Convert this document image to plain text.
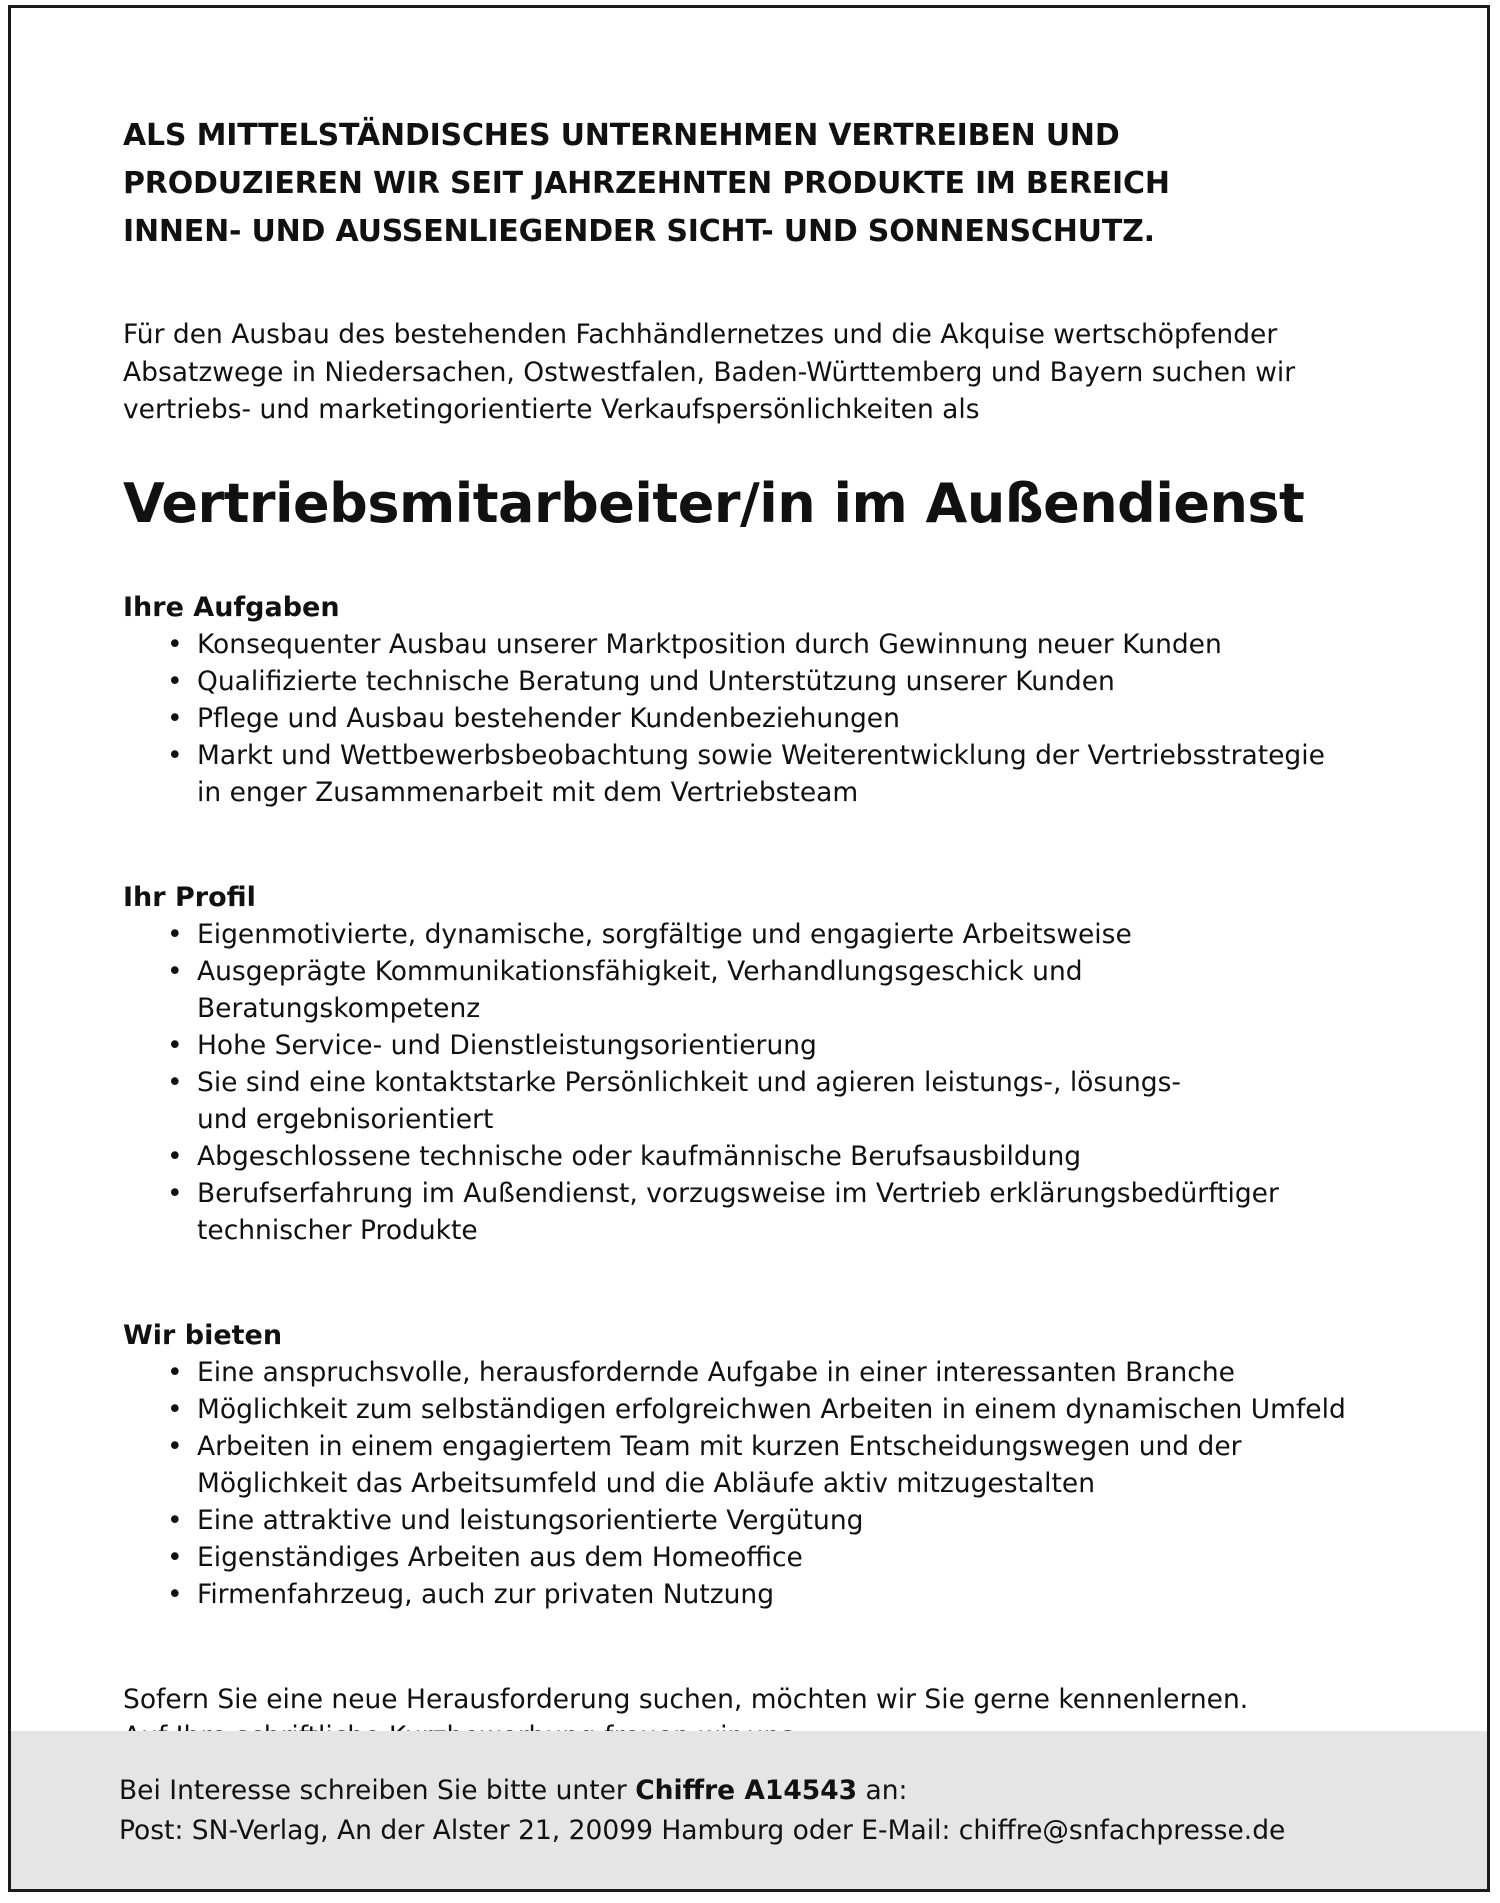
ALS MITTELSTÄNDISCHES UNTERNEHMEN VERTREIBEN UND
PRODUZIEREN WIR SEIT JAHRZEHNTEN PRODUKTE IM BEREICH
INNEN- UND AUSSENLIEGENDER SICHT- UND SONNENSCHUTZ.

Für den Ausbau des bestehenden Fachhändlernetzes und die Akquise wertschöpfender
Absatzwege in Niedersachen, Ostwestfalen, Baden-Württemberg und Bayern suchen wir
vertriebs- und marketingorientierte Verkaufspersönlichkeiten als

Vertriebsmitarbeiter/in im Außendienst
Ihre Aufgaben
• Konsequenter Ausbau unserer Marktposition durch Gewinnung neuer Kunden
• Qualifizierte technische Beratung und Unterstützung unserer Kunden
• Pflege und Ausbau bestehender Kundenbeziehungen
• Markt und Wettbewerbsbeobachtung sowie Weiterentwicklung der Vertriebsstrategie
in enger Zusammenarbeit mit dem Vertriebsteam
Ihr Profil
• Eigenmotivierte, dynamische, sorgfältige und engagierte Arbeitsweise
• Ausgeprägte Kommunikationsfähigkeit, Verhandlungsgeschick und
Beratungskompetenz
• Hohe Service- und Dienstleistungsorientierung
• Sie sind eine kontaktstarke Persönlichkeit und agieren leistungs-, lösungs-
und ergebnisorientiert
• Abgeschlossene technische oder kaufmännische Berufsausbildung
• Berufserfahrung im Außendienst, vorzugsweise im Vertrieb erklärungsbedürftiger
technischer Produkte
Wir bieten
• Eine anspruchsvolle, herausfordernde Aufgabe in einer interessanten Branche
• Möglichkeit zum selbständigen erfolgreichwen Arbeiten in einem dynamischen Umfeld
• Arbeiten in einem engagiertem Team mit kurzen Entscheidungswegen und der
Möglichkeit das Arbeitsumfeld und die Abläufe aktiv mitzugestalten
• Eine attraktive und leistungsorientierte Vergütung
• Eigenständiges Arbeiten aus dem Homeoffice
• Firmenfahrzeug, auch zur privaten Nutzung

Sofern Sie eine neue Herausforderung suchen, möchten wir Sie gerne kennenlernen.

Bei Interesse schreiben Sie bitte unter Chiffre A14543 an:
Post: SN-Verlag, An der Alster 21, 20099 Hamburg oder E-Mail: chiffre@snfachpresse.de
